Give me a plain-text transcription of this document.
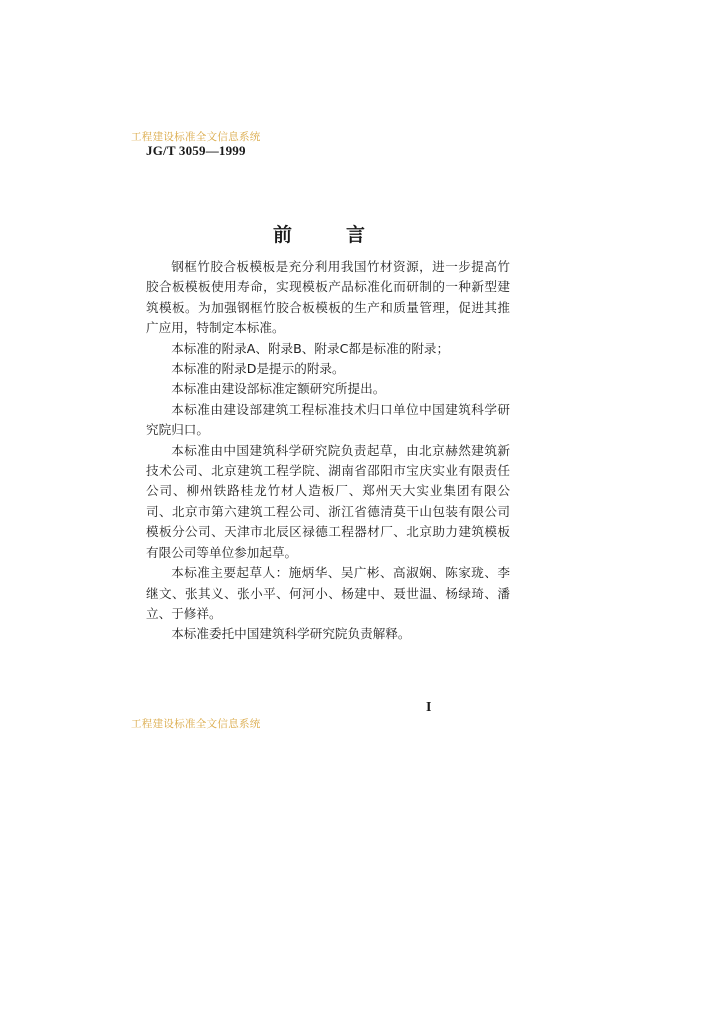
工程建设标准全文信息系统
JG/T 3059—1999
前言

钢框竹胶合板模板是充分利用我国竹材资源，进一步提高竹胶合板模板使用寿命，实现模板产品标准化而研制的一种新型建筑模板。为加强钢框竹胶合板模板的生产和质量管理，促进其推广应用，特制定本标准。

本标准的附录A、附录B、附录C都是标准的附录；

本标准的附录D是提示的附录。

本标准由建设部标准定额研究所提出。

本标准由建设部建筑工程标准技术归口单位中国建筑科学研究院归口。

本标准由中国建筑科学研究院负责起草，由北京赫然建筑新技术公司、北京建筑工程学院、湖南省邵阳市宝庆实业有限责任公司、柳州铁路桂龙竹材人造板厂、郑州天大实业集团有限公司、北京市第六建筑工程公司、浙江省德清莫干山包装有限公司模板分公司、天津市北辰区禄德工程器材厂、北京助力建筑模板有限公司等单位参加起草。

本标准主要起草人：施炳华、吴广彬、高淑娴、陈家珑、李继文、张其义、张小平、何河小、杨建中、聂世温、杨绿琦、潘立、于修祥。

本标准委托中国建筑科学研究院负责解释。

I
工程建设标准全文信息系统
